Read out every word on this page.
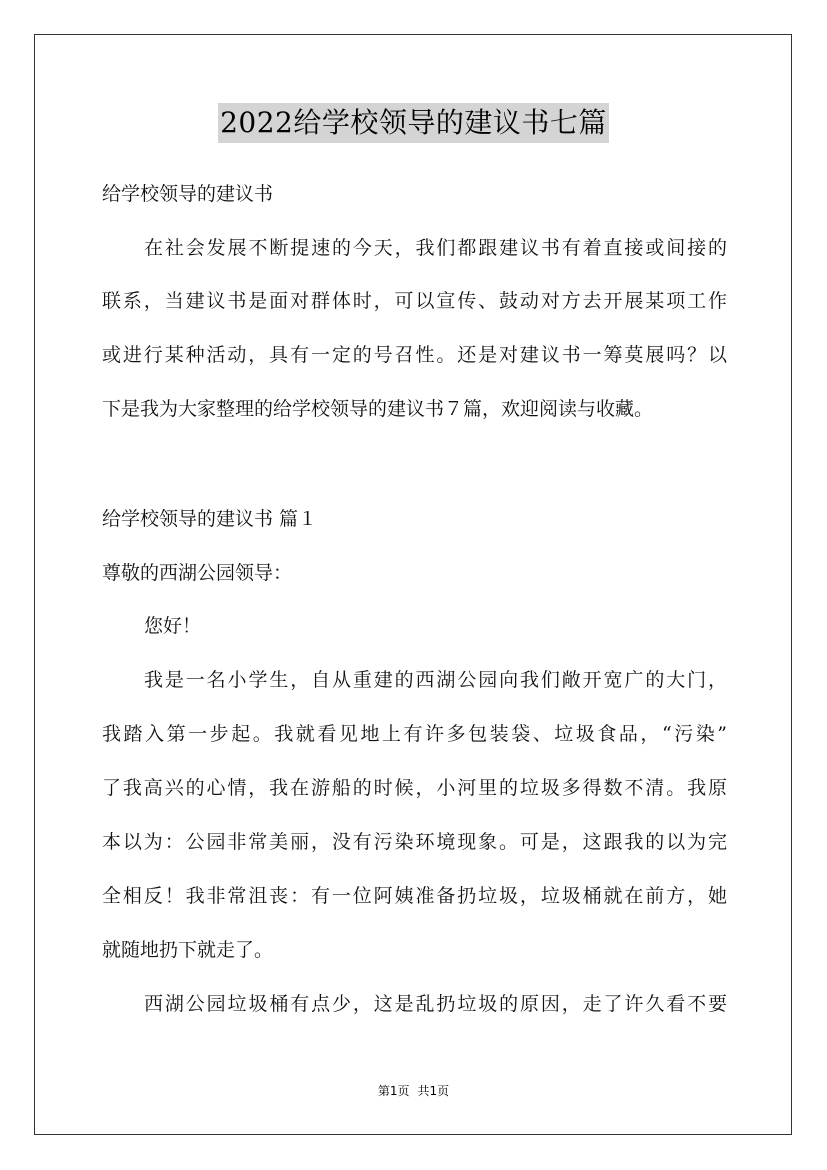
2022给学校领导的建议书七篇
给学校领导的建议书
在社会发展不断提速的今天，我们都跟建议书有着直接或间接的
联系，当建议书是面对群体时，可以宣传、鼓动对方去开展某项工作
或进行某种活动，具有一定的号召性。还是对建议书一筹莫展吗？以
下是我为大家整理的给学校领导的建议书７篇，欢迎阅读与收藏。
给学校领导的建议书 篇１
尊敬的西湖公园领导：
您好！
我是一名小学生，自从重建的西湖公园向我们敞开宽广的大门，
我踏入第一步起。我就看见地上有许多包装袋、垃圾食品，“污染”
了我高兴的心情，我在游船的时候，小河里的垃圾多得数不清。我原
本以为：公园非常美丽，没有污染环境现象。可是，这跟我的以为完
全相反！我非常沮丧：有一位阿姨准备扔垃圾，垃圾桶就在前方，她
就随地扔下就走了。
西湖公园垃圾桶有点少，这是乱扔垃圾的原因，走了许久看不要
第1页 共1页
